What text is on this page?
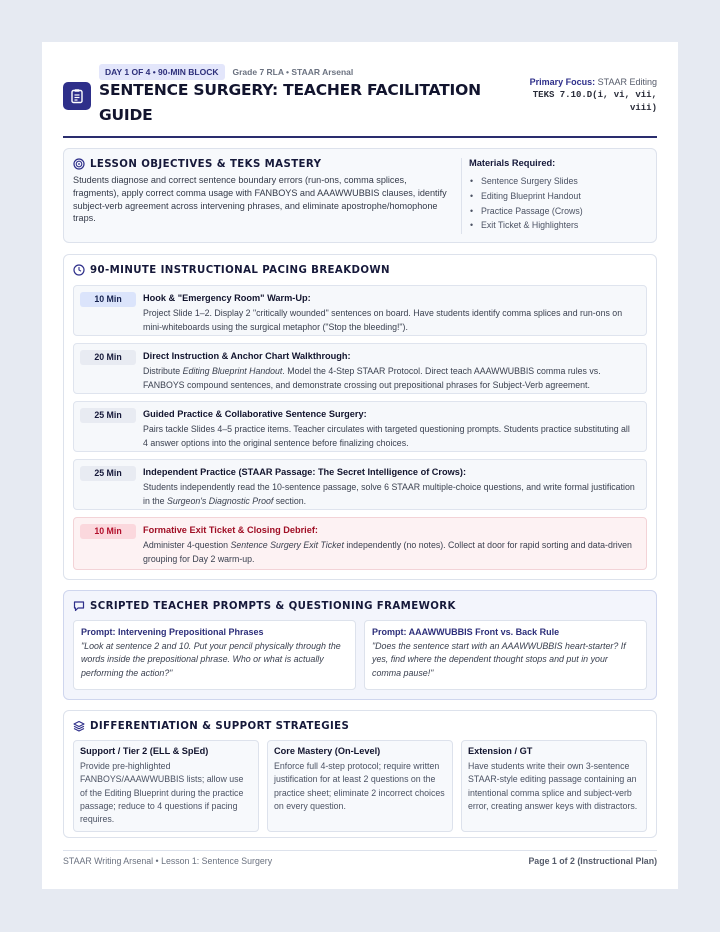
DAY 1 OF 4 • 90-MIN BLOCK	Grade 7 RLA • STAAR Arsenal
SENTENCE SURGERY: TEACHER FACILITATION GUIDE
Primary Focus: STAAR Editing
TEKS 7.10.D(i, vi, vii, viii)
LESSON OBJECTIVES & TEKS MASTERY
Students diagnose and correct sentence boundary errors (run-ons, comma splices, fragments), apply correct comma usage with FANBOYS and AAAWWUBBIS clauses, identify subject-verb agreement across intervening phrases, and eliminate apostrophe/homophone traps.
Materials Required:
• Sentence Surgery Slides
• Editing Blueprint Handout
• Practice Passage (Crows)
• Exit Ticket & Highlighters
90-MINUTE INSTRUCTIONAL PACING BREAKDOWN
10 Min	Hook & "Emergency Room" Warm-Up:
Project Slide 1–2. Display 2 "critically wounded" sentences on board. Have students identify comma splices and run-ons on mini-whiteboards using the surgical metaphor ("Stop the bleeding!").
20 Min	Direct Instruction & Anchor Chart Walkthrough:
Distribute Editing Blueprint Handout. Model the 4-Step STAAR Protocol. Direct teach AAAWWUBBIS comma rules vs. FANBOYS compound sentences, and demonstrate crossing out prepositional phrases for Subject-Verb agreement.
25 Min	Guided Practice & Collaborative Sentence Surgery:
Pairs tackle Slides 4–5 practice items. Teacher circulates with targeted questioning prompts. Students practice substituting all 4 answer options into the original sentence before finalizing choices.
25 Min	Independent Practice (STAAR Passage: The Secret Intelligence of Crows):
Students independently read the 10-sentence passage, solve 6 STAAR multiple-choice questions, and write formal justification in the Surgeon's Diagnostic Proof section.
10 Min	Formative Exit Ticket & Closing Debrief:
Administer 4-question Sentence Surgery Exit Ticket independently (no notes). Collect at door for rapid sorting and data-driven grouping for Day 2 warm-up.
SCRIPTED TEACHER PROMPTS & QUESTIONING FRAMEWORK
Prompt: Intervening Prepositional Phrases
"Look at sentence 2 and 10. Put your pencil physically through the words inside the prepositional phrase. Who or what is actually performing the action?"
Prompt: AAAWWUBBIS Front vs. Back Rule
"Does the sentence start with an AAAWWUBBIS heart-starter? If yes, find where the dependent thought stops and put in your comma pause!"
DIFFERENTIATION & SUPPORT STRATEGIES
Support / Tier 2 (ELL & SpEd)
Provide pre-highlighted FANBOYS/AAAWWUBBIS lists; allow use of the Editing Blueprint during the practice passage; reduce to 4 questions if pacing requires.
Core Mastery (On-Level)
Enforce full 4-step protocol; require written justification for at least 2 questions on the practice sheet; eliminate 2 incorrect choices on every question.
Extension / GT
Have students write their own 3-sentence STAAR-style editing passage containing an intentional comma splice and subject-verb error, creating answer keys with distractors.
STAAR Writing Arsenal • Lesson 1: Sentence Surgery	Page 1 of 2 (Instructional Plan)
